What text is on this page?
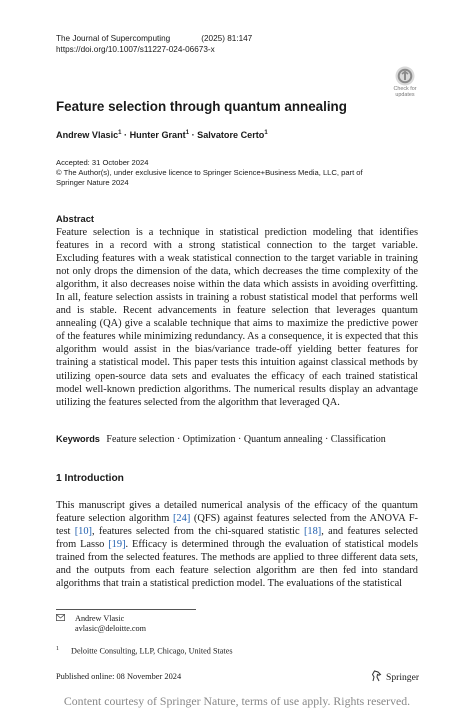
The Journal of Supercomputing	(2025) 81:147
https://doi.org/10.1007/s11227-024-06673-x
Check for
updates
Feature selection through quantum annealing
Andrew Vlasic$^1$ · Hunter Grant$^1$ · Salvatore Certo$^1$
Accepted: 31 October 2024
© The Author(s), under exclusive licence to Springer Science+Business Media, LLC, part of Springer Nature 2024
Abstract
Feature selection is a technique in statistical prediction modeling that identifies features in a record with a strong statistical connection to the target variable. Excluding features with a weak statistical connection to the target variable in training not only drops the dimension of the data, which decreases the time complexity of the algorithm, it also decreases noise within the data which assists in avoiding overfitting. In all, feature selection assists in training a robust statistical model that performs well and is stable. Recent advancements in feature selection that leverages quantum annealing (QA) give a scalable technique that aims to maximize the predictive power of the features while minimizing redundancy. As a consequence, it is expected that this algorithm would assist in the bias/variance trade-off yielding better features for training a statistical model. This paper tests this intuition against classical methods by utilizing open-source data sets and evaluates the efficacy of each trained statistical model well-known prediction algorithms. The numerical results display an advantage utilizing the features selected from the algorithm that leveraged QA.
Keywords Feature selection · Optimization · Quantum annealing · Classification
1 Introduction
This manuscript gives a detailed numerical analysis of the efficacy of the quantum feature selection algorithm [24] (QFS) against features selected from the ANOVA F-test [10], features selected from the chi-squared statistic [18], and features selected from Lasso [19]. Efficacy is determined through the evaluation of statistical models trained from the selected features. The methods are applied to three different data sets, and the outputs from each feature selection algorithm are then fed into standard algorithms that train a statistical prediction model. The evaluations of the statistical

Andrew Vlasic
avlasic@deloitte.com
$^1$ Deloitte Consulting, LLP, Chicago, United States
Published online: 08 November 2024	Springer
Content courtesy of Springer Nature, terms of use apply. Rights reserved.
